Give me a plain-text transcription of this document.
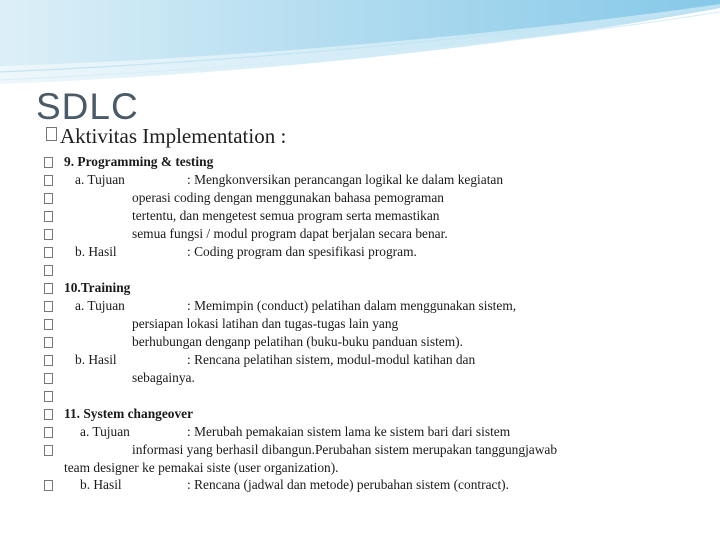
SDLC
Aktivitas Implementation :
9. Programming & testing
a. Tujuan	: Mengkonversikan perancangan logikal ke dalam kegiatan
operasi coding dengan menggunakan bahasa pemograman
tertentu, dan mengetest semua program serta memastikan
semua fungsi / modul program dapat berjalan secara benar.
b. Hasil	: Coding program dan spesifikasi program.
10.Training
a. Tujuan	: Memimpin (conduct) pelatihan dalam menggunakan sistem,
persiapan lokasi latihan dan tugas-tugas lain yang
berhubungan denganp pelatihan (buku-buku panduan sistem).
b. Hasil	: Rencana pelatihan sistem, modul-modul katihan dan
sebagainya.
11. System changeover
a. Tujuan	: Merubah pemakaian sistem lama ke sistem bari dari sistem
informasi yang berhasil dibangun.Perubahan sistem merupakan tanggungjawab
team designer ke pemakai siste (user organization).
b. Hasil	: Rencana (jadwal dan metode) perubahan sistem (contract).
